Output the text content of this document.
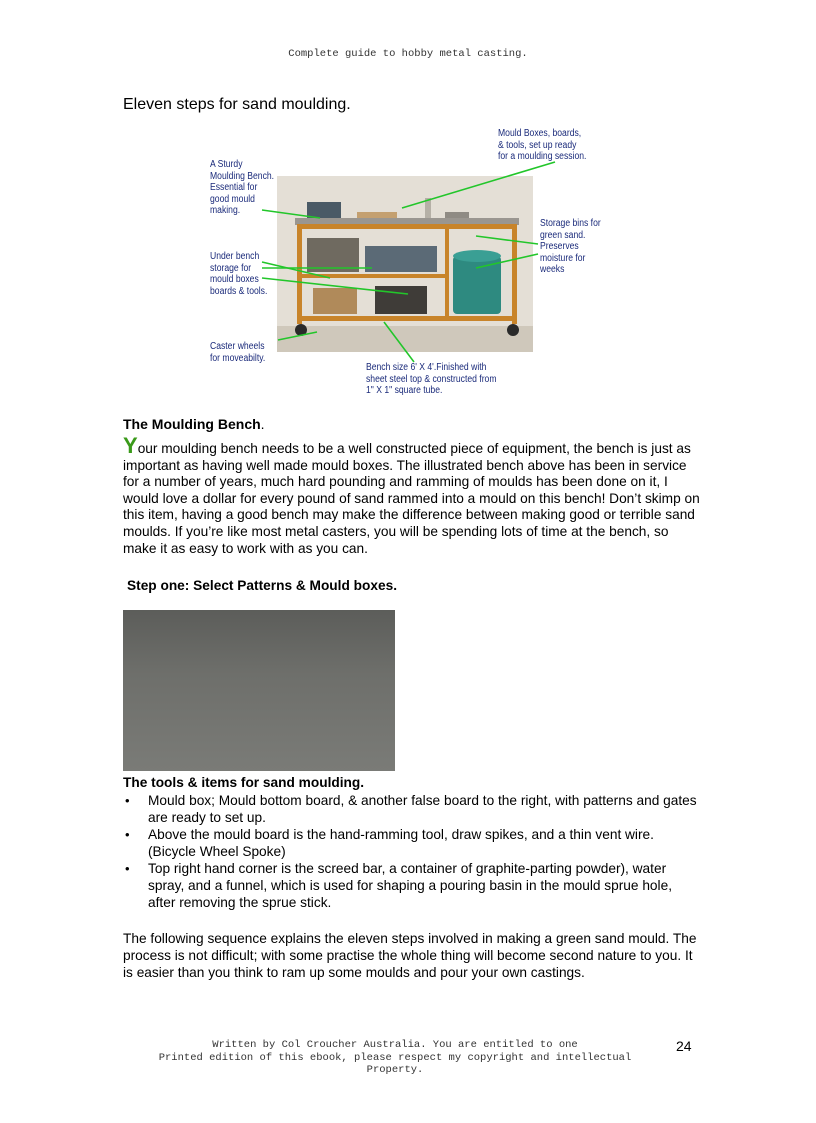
Complete guide to hobby metal casting.
Eleven steps for sand moulding.
A Sturdy
Moulding Bench.
Essential for
good mould
making.
Mould Boxes, boards,
& tools, set up ready
for a moulding session.
Storage bins for
green sand.
Preserves
moisture for
weeks
Under bench
storage for
mould boxes
boards & tools.
Caster wheels
for moveabilty.
Bench size 6' X 4'.Finished with
sheet steel top & constructed from
1" X 1" square tube.
The Moulding Bench.
Your moulding bench needs to be a well constructed piece of equipment, the bench is just as important as having well made mould boxes. The illustrated bench above has been in service for a number of years, much hard pounding and ramming of moulds has been done on it, I would love a dollar for every pound of sand rammed into a mould on this bench! Don’t skimp on this item, having a good bench may make the difference between making good or terrible sand moulds. If you’re like most metal casters, you will be spending lots of time at the bench, so make it as easy to work with as you can.
Step one: Select Patterns & Mould boxes.
The tools & items for sand moulding.
• Mould box; Mould bottom board, & another false board to the right, with patterns and gates are ready to set up.
• Above the mould board is the hand-ramming tool, draw spikes, and a thin vent wire. (Bicycle Wheel Spoke)
• Top right hand corner is the screed bar, a container of graphite-parting powder), water spray, and a funnel, which is used for shaping a pouring basin in the mould sprue hole, after removing the sprue stick.
The following sequence explains the eleven steps involved in making a green sand mould. The process is not difficult; with some practise the whole thing will become second nature to you. It is easier than you think to ram up some moulds and pour your own castings.
Written by Col Croucher Australia. You are entitled to one
Printed edition of this ebook, please respect my copyright and intellectual
Property.
24
